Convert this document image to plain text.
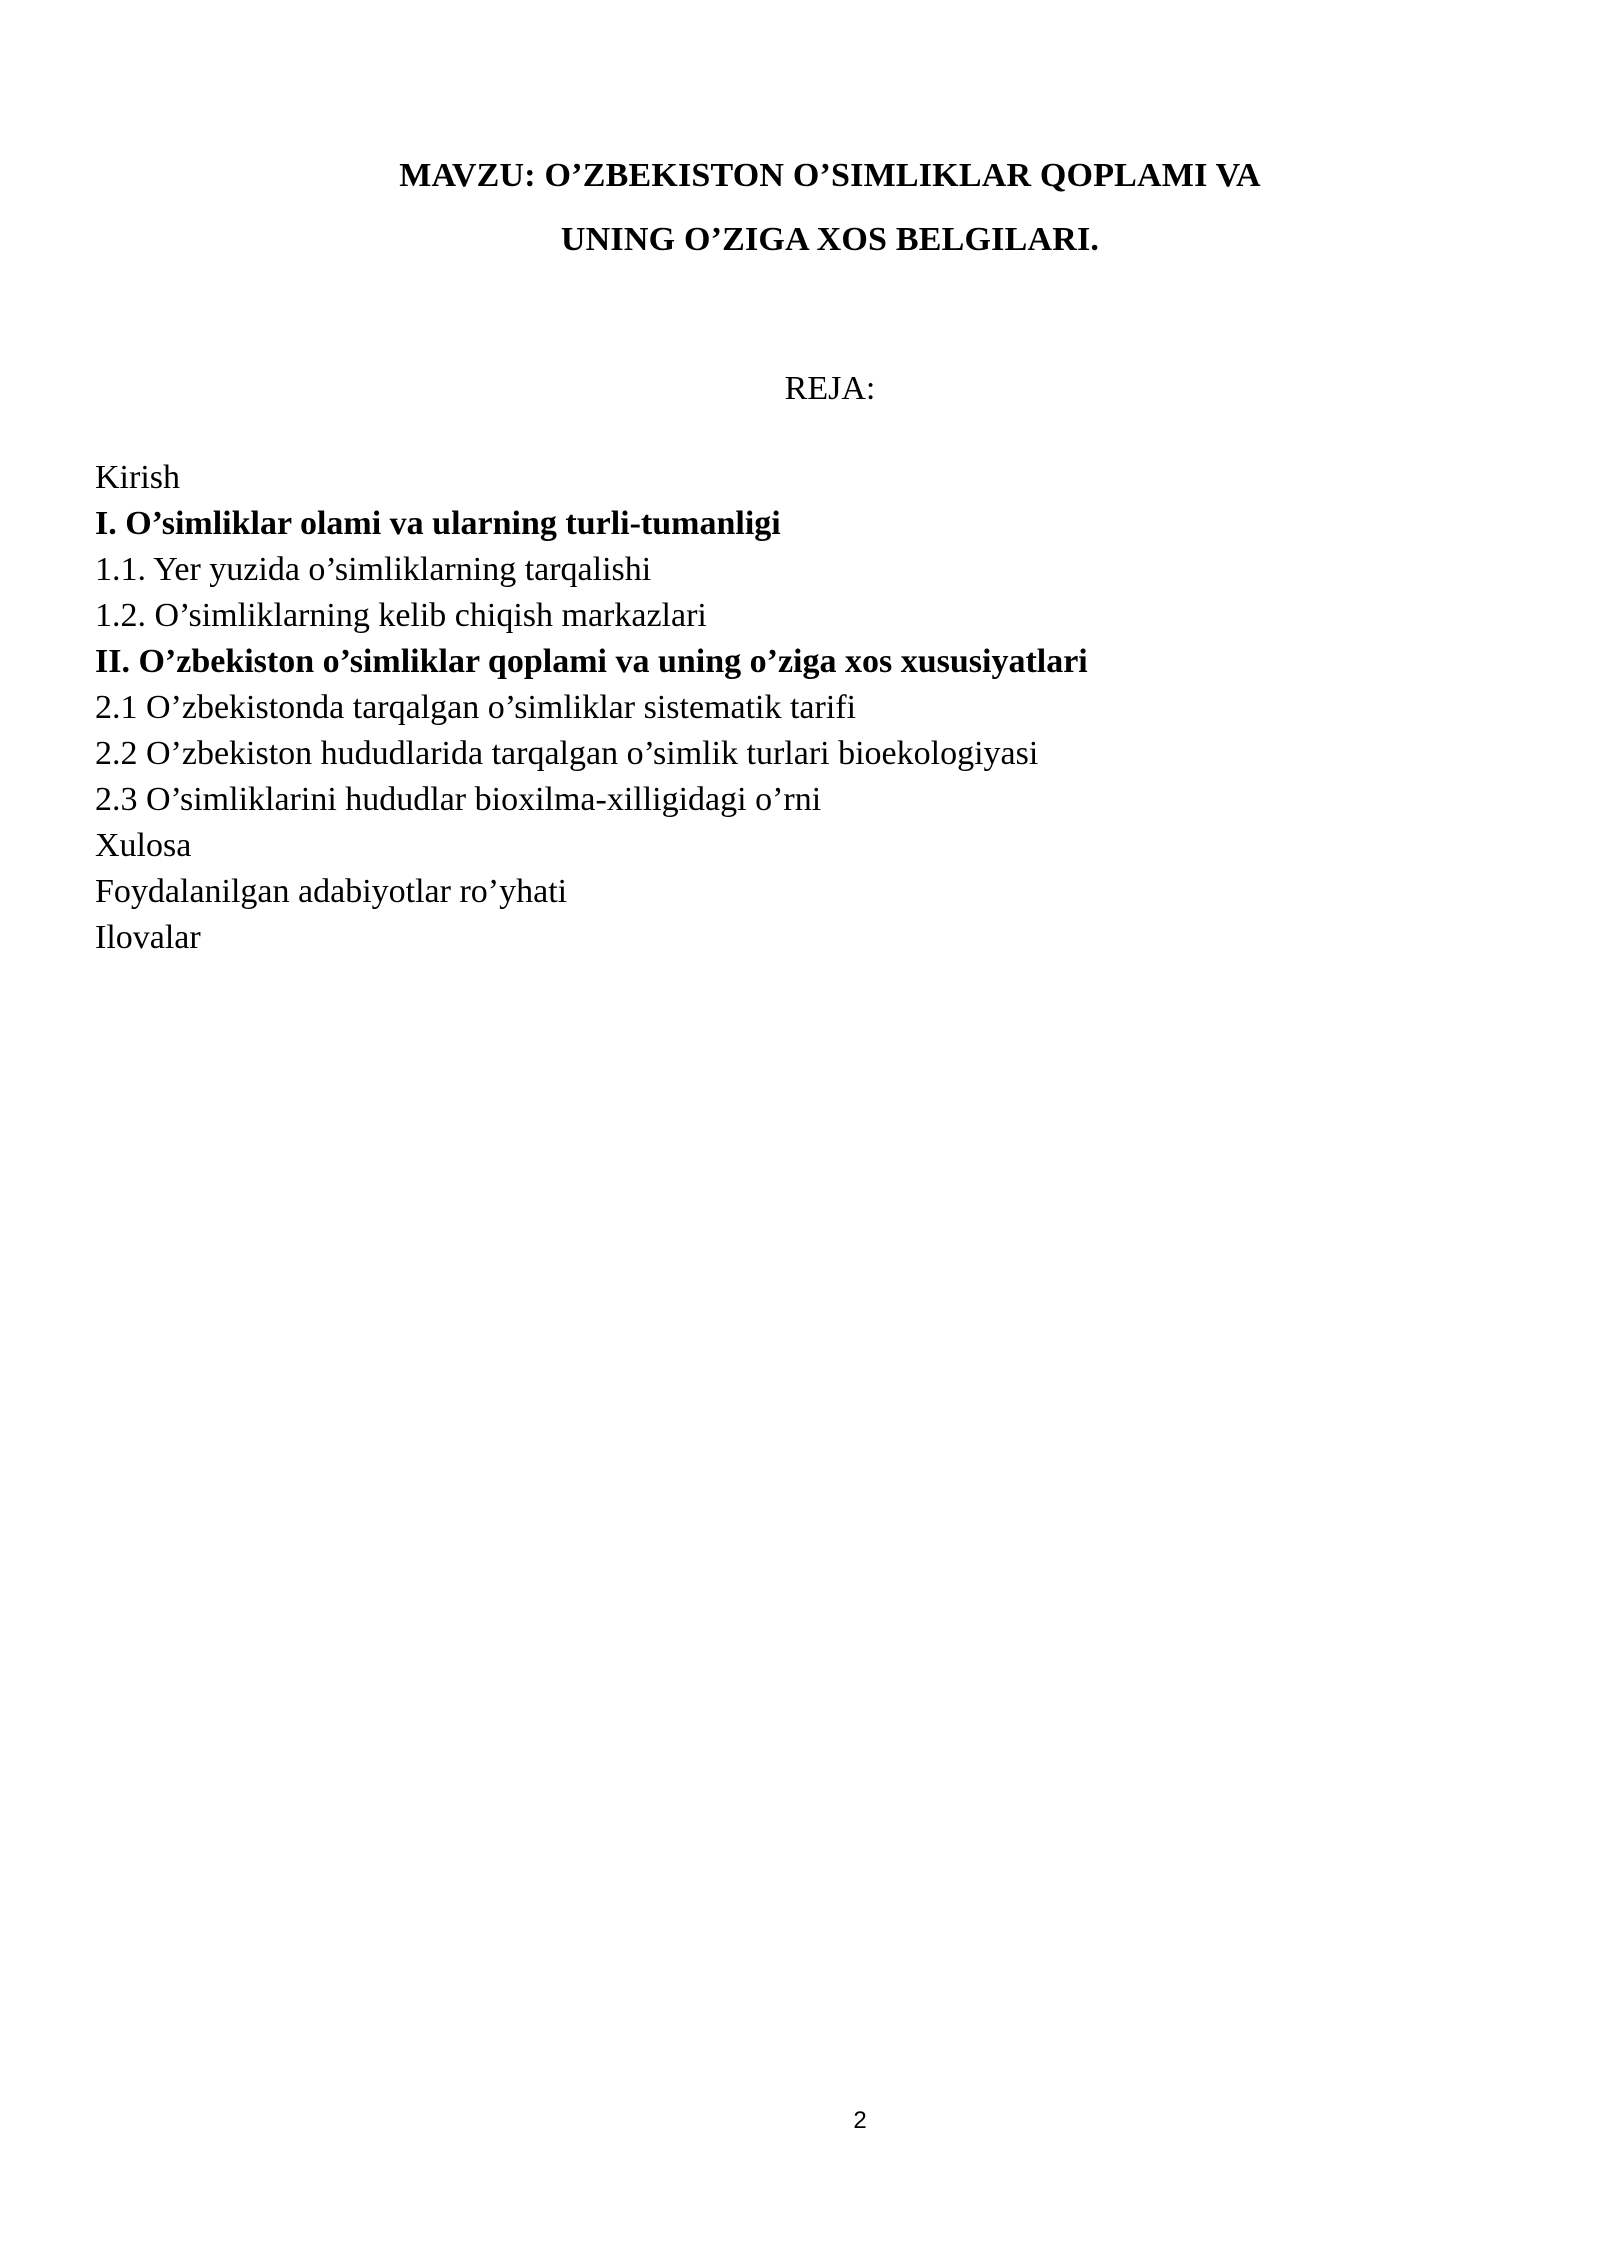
MAVZU: O’ZBEKISTON O’SIMLIKLAR QOPLAMI VA
UNING O’ZIGA XOS BELGILARI.
REJA:
Kirish
I. O’simliklar olami va ularning turli-tumanligi
1.1. Yer yuzida o’simliklarning tarqalishi
1.2. O’simliklarning kelib chiqish markazlari
II. O’zbekiston o’simliklar qoplami va uning o’ziga xos xususiyatlari
2.1 O’zbekistonda tarqalgan o’simliklar sistematik tarifi
2.2 O’zbekiston hududlarida tarqalgan o’simlik turlari bioekologiyasi
2.3 O’simliklarini hududlar bioxilma-xilligidagi o’rni
Xulosa
Foydalanilgan adabiyotlar ro’yhati
Ilovalar
2
